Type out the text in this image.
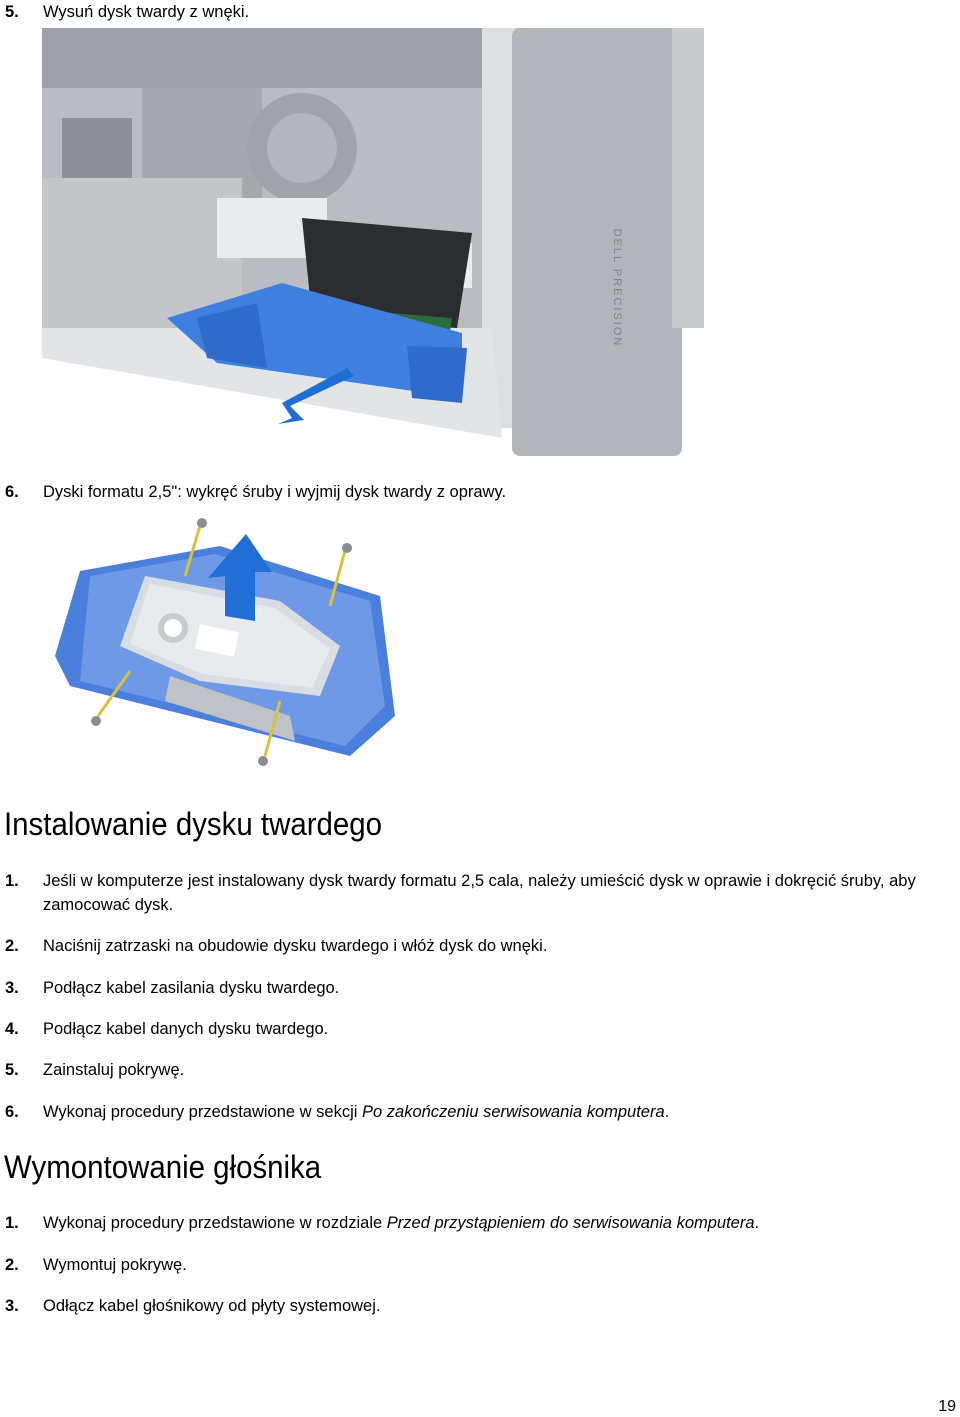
5.	Wysuń dysk twardy z wnęki.
DELL PRECISION
6.	Dyski formatu 2,5": wykręć śruby i wyjmij dysk twardy z oprawy.
Instalowanie dysku twardego
1.	Jeśli w komputerze jest instalowany dysk twardy formatu 2,5 cala, należy umieścić dysk w oprawie i dokręcić śruby, aby zamocować dysk.
2.	Naciśnij zatrzaski na obudowie dysku twardego i włóż dysk do wnęki.
3.	Podłącz kabel zasilania dysku twardego.
4.	Podłącz kabel danych dysku twardego.
5.	Zainstaluj pokrywę.
6.	Wykonaj procedury przedstawione w sekcji Po zakończeniu serwisowania komputera.
Wymontowanie głośnika
1.	Wykonaj procedury przedstawione w rozdziale Przed przystąpieniem do serwisowania komputera.
2.	Wymontuj pokrywę.
3.	Odłącz kabel głośnikowy od płyty systemowej.
19
